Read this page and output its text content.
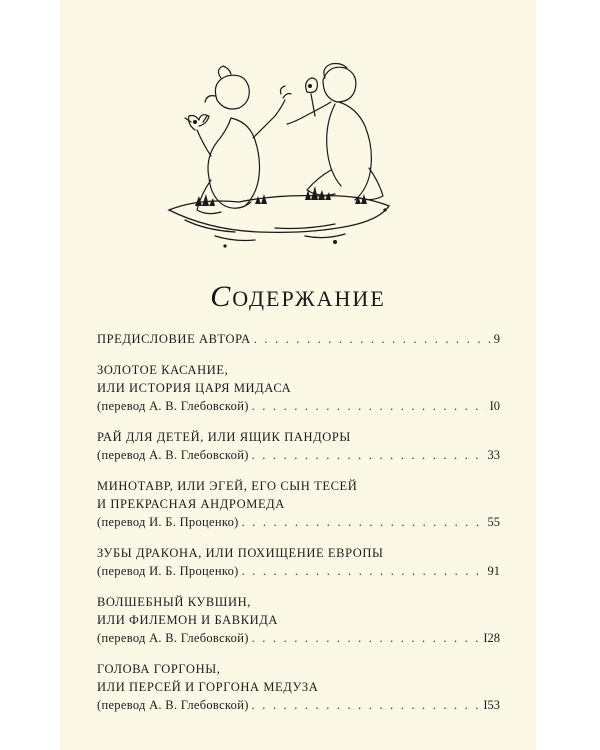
СОДЕРЖАНИЕ
ПРЕДИСЛОВИЕ АВТОРА . . .	9
ЗОЛОТОЕ КАСАНИЕ,
ИЛИ ИСТОРИЯ ЦАРЯ МИДАСА
(перевод А. В. Глебовской) . . .	I0
РАЙ ДЛЯ ДЕТЕЙ, ИЛИ ЯЩИК ПАНДОРЫ
(перевод А. В. Глебовской) . . .	33
МИНОТАВР, ИЛИ ЭГЕЙ, ЕГО СЫН ТЕСЕЙ
И ПРЕКРАСНАЯ АНДРОМЕДА
(перевод И. Б. Проценко) . . .	55
ЗУБЫ ДРАКОНА, ИЛИ ПОХИЩЕНИЕ ЕВРОПЫ
(перевод И. Б. Проценко) . . .	91
ВОЛШЕБНЫЙ КУВШИН,
ИЛИ ФИЛЕМОН И БАВКИДА
(перевод А. В. Глебовской) . . .	I28
ГОЛОВА ГОРГОНЫ,
ИЛИ ПЕРСЕЙ И ГОРГОНА МЕДУЗА
(перевод А. В. Глебовской) . . .	I53
